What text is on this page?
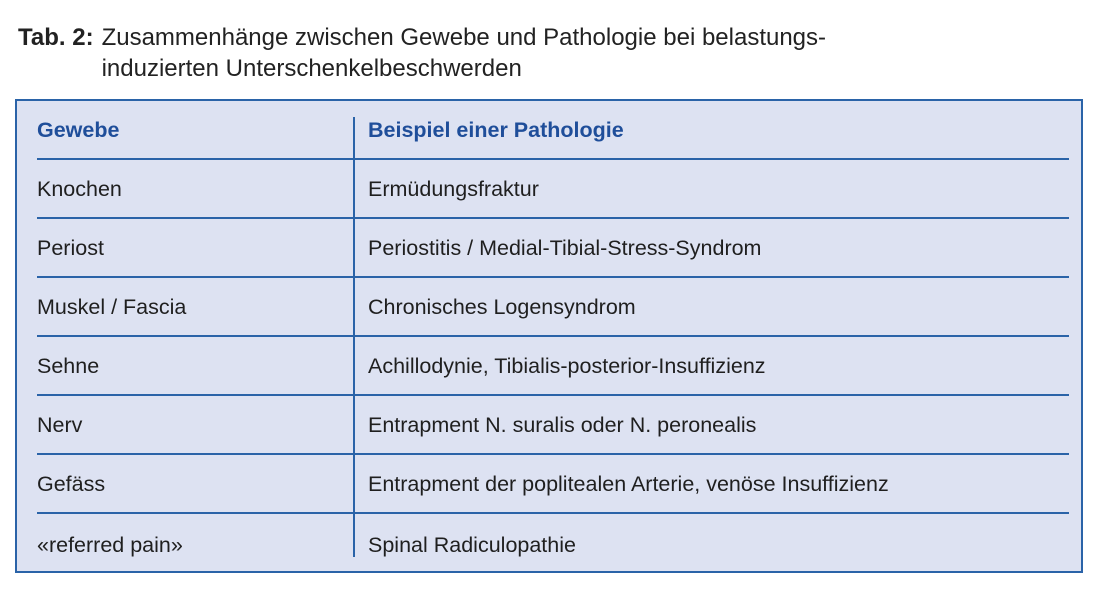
Tab. 2: Zusammenhänge zwischen Gewebe und Pathologie bei belastungs-
induzierten Unterschenkelbeschwerden
Gewebe	Beispiel einer Pathologie
Knochen	Ermüdungsfraktur
Periost	Periostitis / Medial-Tibial-Stress-Syndrom
Muskel / Fascia	Chronisches Logensyndrom
Sehne	Achillodynie, Tibialis-posterior-Insuffizienz
Nerv	Entrapment N. suralis oder N. peronealis
Gefäss	Entrapment der poplitealen Arterie, venöse Insuffizienz
«referred pain»	Spinal Radiculopathie
